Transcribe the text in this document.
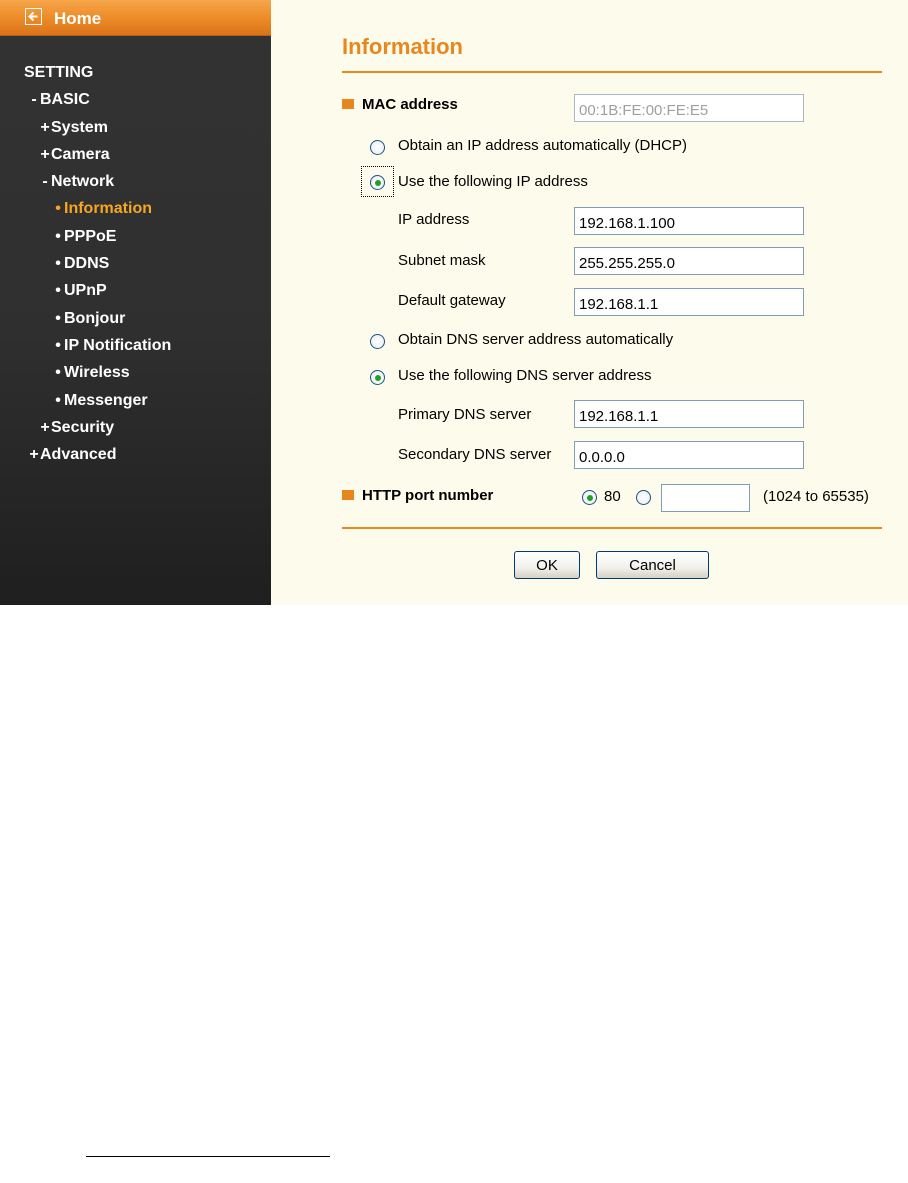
Home
SETTING
- BASIC
+System
+Camera
- Network
• Information
• PPPoE
• DDNS
• UPnP
• Bonjour
• IP Notification
• Wireless
• Messenger
+Security
+Advanced
Information
MAC address
00:1B:FE:00:FE:E5
Obtain an IP address automatically (DHCP)
Use the following IP address
IP address
192.168.1.100
Subnet mask
255.255.255.0
Default gateway
192.168.1.1
Obtain DNS server address automatically
Use the following DNS server address
Primary DNS server
192.168.1.1
Secondary DNS server
0.0.0.0
HTTP port number	80	(1024 to 65535)
OK	Cancel
